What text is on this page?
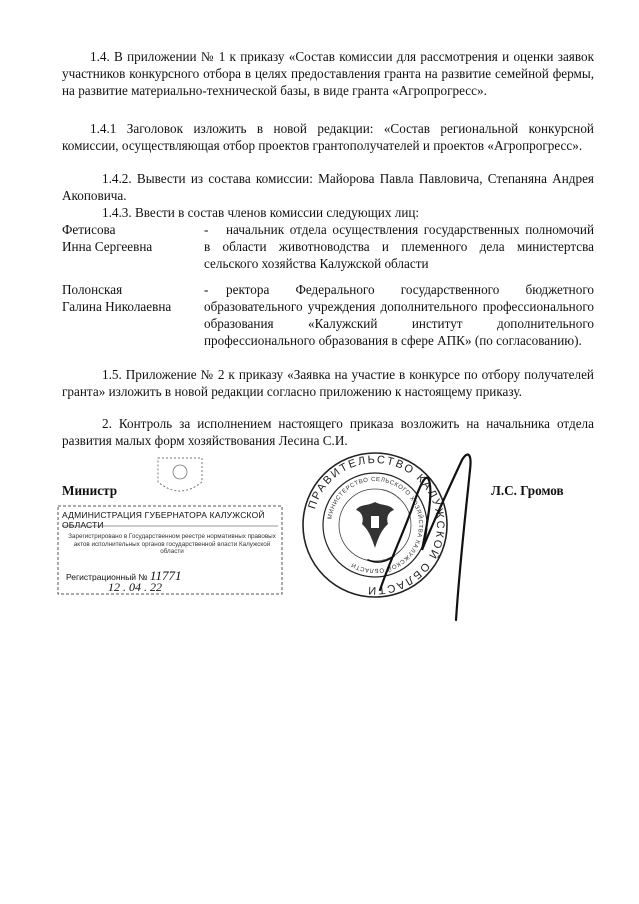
1.4. В приложении № 1 к приказу «Состав комиссии для рассмотрения и оценки заявок участников конкурсного отбора в целях предоставления гранта на развитие семейной фермы, на развитие материально-технической базы, в виде гранта «Агропрогресс».
1.4.1 Заголовок изложить в новой редакции: «Состав региональной конкурсной комиссии, осуществляющая отбор проектов грантополучателей и проектов «Агропрогресс».
1.4.2. Вывести из состава комиссии: Майорова Павла Павловича, Степаняна Андрея Акоповича.
1.4.3. Ввести в состав членов комиссии следующих лиц:
Фетисова
Инна Сергеевна
- начальник отдела осуществления государственных полномочий в области животноводства и племенного дела министертсва сельского хозяйства Калужской области
Полонская
Галина Николаевна
- ректора Федерального государственного бюджетного образовательного учреждения дополнительного профессионального образования «Калужский институт дополнительного профессионального образования в сфере АПК» (по согласованию).
1.5. Приложение № 2 к приказу «Заявка на участие в конкурсе по отбору получателей гранта» изложить в новой редакции согласно приложению к настоящему приказу.
2. Контроль за исполнением настоящего приказа возложить на начальника отдела развития малых форм хозяйствования Лесина С.И.
АДМИНИСТРАЦИЯ ГУБЕРНАТОРА КАЛУЖСКОЙ ОБЛАСТИ
Зарегистрировано в Государственном реестре нормативных правовых актов исполнительных органов государственной власти Калужской области
Регистрационный № 11771
12 . 04 . 22
ПРАВИТЕЛЬСТВО КАЛУЖСКОЙ ОБЛАСТИ
МИНИСТЕРСТВО СЕЛЬСКОГО ХОЗЯЙСТВА КАЛУЖСКОЙ ОБЛАСТИ
Министр	Л.С. Громов
